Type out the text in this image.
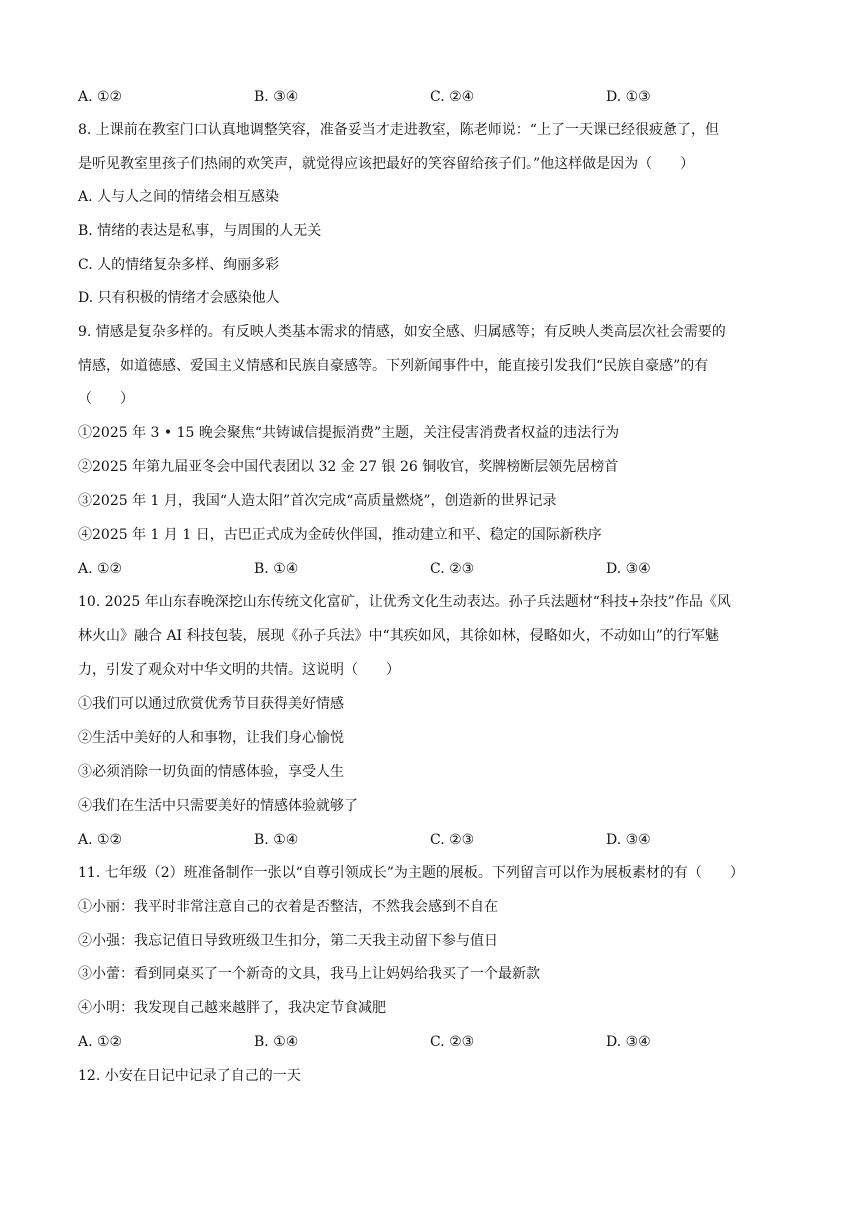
A. ①②	B. ③④	C. ②④	D. ①③
8. 上课前在教室门口认真地调整笑容，准备妥当才走进教室，陈老师说：“上了一天课已经很疲惫了，但
是听见教室里孩子们热闹的欢笑声，就觉得应该把最好的笑容留给孩子们。”他这样做是因为（　　）
A. 人与人之间的情绪会相互感染
B. 情绪的表达是私事，与周围的人无关
C. 人的情绪复杂多样、绚丽多彩
D. 只有积极的情绪才会感染他人
9. 情感是复杂多样的。有反映人类基本需求的情感，如安全感、归属感等；有反映人类高层次社会需要的
情感，如道德感、爱国主义情感和民族自豪感等。下列新闻事件中，能直接引发我们“民族自豪感”的有
（　　）
①2025 年 3 • 15 晚会聚焦“共铸诚信提振消费”主题，关注侵害消费者权益的违法行为
②2025 年第九届亚冬会中国代表团以 32 金 27 银 26 铜收官，奖牌榜断层领先居榜首
③2025 年 1 月，我国“人造太阳”首次完成“高质量燃烧”，创造新的世界记录
④2025 年 1 月 1 日，古巴正式成为金砖伙伴国，推动建立和平、稳定的国际新秩序
A. ①②	B. ①④	C. ②③	D. ③④
10. 2025 年山东春晚深挖山东传统文化富矿，让优秀文化生动表达。孙子兵法题材“科技+杂技”作品《风
林火山》融合 AI 科技包装，展现《孙子兵法》中“其疾如风，其徐如林，侵略如火，不动如山”的行军魅
力，引发了观众对中华文明的共情。这说明（　　）
①我们可以通过欣赏优秀节目获得美好情感
②生活中美好的人和事物，让我们身心愉悦
③必须消除一切负面的情感体验，享受人生
④我们在生活中只需要美好的情感体验就够了
A. ①②	B. ①④	C. ②③	D. ③④
11. 七年级（2）班准备制作一张以“自尊引领成长”为主题的展板。下列留言可以作为展板素材的有（　　）
①小丽：我平时非常注意自己的衣着是否整洁，不然我会感到不自在
②小强：我忘记值日导致班级卫生扣分，第二天我主动留下参与值日
③小蕾：看到同桌买了一个新奇的文具，我马上让妈妈给我买了一个最新款
④小明：我发现自己越来越胖了，我决定节食减肥
A. ①②	B. ①④	C. ②③	D. ③④
12. 小安在日记中记录了自己的一天
